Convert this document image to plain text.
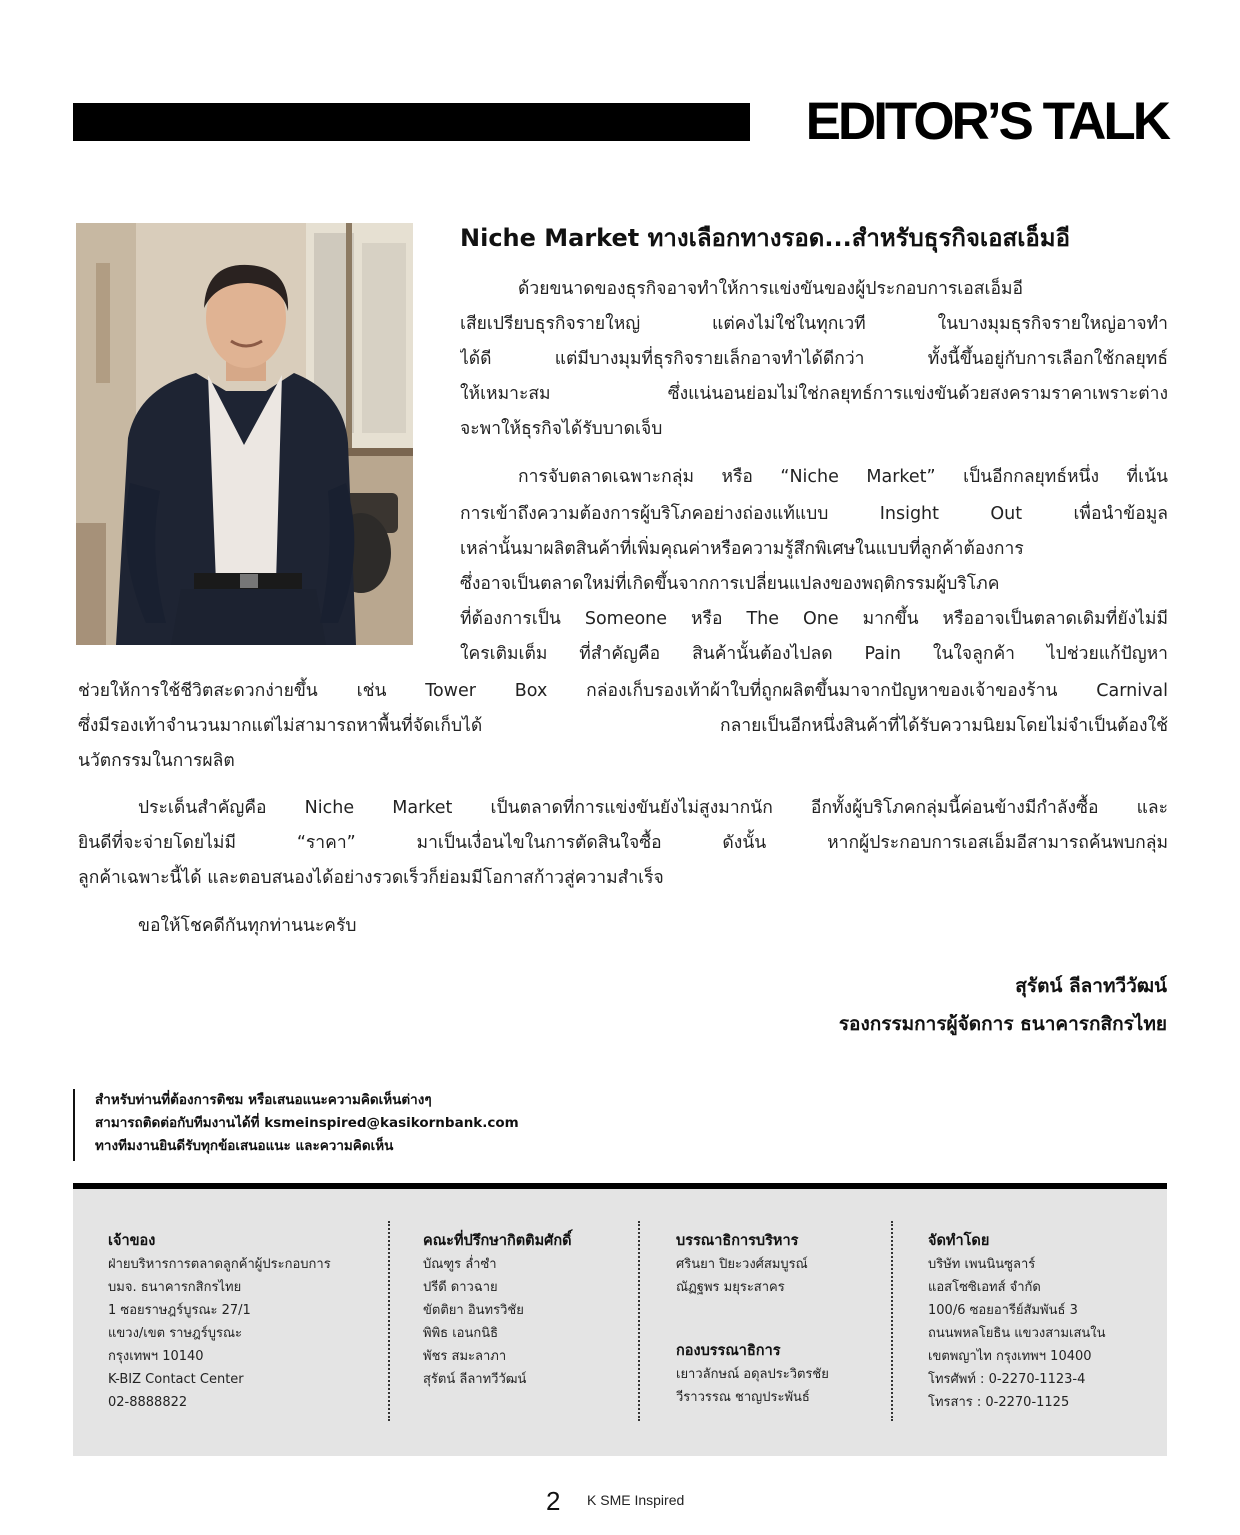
EDITOR’S TALK
Niche Market ทางเลือกทางรอด...สำหรับธุรกิจเอสเอ็มอี
ด้วยขนาดของธุรกิจอาจทำให้การแข่งขันของผู้ประกอบการเอสเอ็มอี
เสียเปรียบธุรกิจรายใหญ่ แต่คงไม่ใช่ในทุกเวที ในบางมุมธุรกิจรายใหญ่อาจทำ
ได้ดี แต่มีบางมุมที่ธุรกิจรายเล็กอาจทำได้ดีกว่า ทั้งนี้ขึ้นอยู่กับการเลือกใช้กลยุทธ์
ให้เหมาะสม ซึ่งแน่นอนย่อมไม่ใช่กลยุทธ์การแข่งขันด้วยสงครามราคาเพราะต่าง
จะพาให้ธุรกิจได้รับบาดเจ็บ
การจับตลาดเฉพาะกลุ่ม หรือ “Niche Market” เป็นอีกกลยุทธ์หนึ่ง ที่เน้น
การเข้าถึงความต้องการผู้บริโภคอย่างถ่องแท้แบบ Insight Out เพื่อนำข้อมูล
เหล่านั้นมาผลิตสินค้าที่เพิ่มคุณค่าหรือความรู้สึกพิเศษในแบบที่ลูกค้าต้องการ
ซึ่งอาจเป็นตลาดใหม่ที่เกิดขึ้นจากการเปลี่ยนแปลงของพฤติกรรมผู้บริโภค
ที่ต้องการเป็น Someone หรือ The One มากขึ้น หรืออาจเป็นตลาดเดิมที่ยังไม่มี
ใครเติมเต็ม ที่สำคัญคือ สินค้านั้นต้องไปลด Pain ในใจลูกค้า ไปช่วยแก้ปัญหา
ช่วยให้การใช้ชีวิตสะดวกง่ายขึ้น เช่น Tower Box กล่องเก็บรองเท้าผ้าใบที่ถูกผลิตขึ้นมาจากปัญหาของเจ้าของร้าน Carnival
ซึ่งมีรองเท้าจำนวนมากแต่ไม่สามารถหาพื้นที่จัดเก็บได้ กลายเป็นอีกหนึ่งสินค้าที่ได้รับความนิยมโดยไม่จำเป็นต้องใช้
นวัตกรรมในการผลิต
ประเด็นสำคัญคือ Niche Market เป็นตลาดที่การแข่งขันยังไม่สูงมากนัก อีกทั้งผู้บริโภคกลุ่มนี้ค่อนข้างมีกำลังซื้อ และ
ยินดีที่จะจ่ายโดยไม่มี “ราคา” มาเป็นเงื่อนไขในการตัดสินใจซื้อ ดังนั้น หากผู้ประกอบการเอสเอ็มอีสามารถค้นพบกลุ่ม
ลูกค้าเฉพาะนี้ได้ และตอบสนองได้อย่างรวดเร็วก็ย่อมมีโอกาสก้าวสู่ความสำเร็จ
ขอให้โชคดีกันทุกท่านนะครับ
สุรัตน์ ลีลาทวีวัฒน์
รองกรรมการผู้จัดการ ธนาคารกสิกรไทย
สำหรับท่านที่ต้องการติชม หรือเสนอแนะความคิดเห็นต่างๆ
สามารถติดต่อกับทีมงานได้ที่ ksmeinspired@kasikornbank.com
ทางทีมงานยินดีรับทุกข้อเสนอแนะ และความคิดเห็น
เจ้าของ
ฝ่ายบริหารการตลาดลูกค้าผู้ประกอบการ
บมจ. ธนาคารกสิกรไทย
1 ซอยราษฎร์บูรณะ 27/1
แขวง/เขต ราษฎร์บูรณะ
กรุงเทพฯ 10140
K-BIZ Contact Center
02-8888822
คณะที่ปรึกษากิตติมศักดิ์
บัณฑูร ล่ำซำ
ปรีดี ดาวฉาย
ขัตติยา อินทรวิชัย
พิพิธ เอนกนิธิ
พัชร สมะลาภา
สุรัตน์ ลีลาทวีวัฒน์
บรรณาธิการบริหาร
ศรินยา ปิยะวงศ์สมบูรณ์
ณัฏฐพร มยุระสาคร
กองบรรณาธิการ
เยาวลักษณ์ อดุลประวิตรชัย
วีราวรรณ ชาญประพันธ์
จัดทำโดย
บริษัท เพนนินซูลาร์
แอสโซซิเอทส์ จำกัด
100/6 ซอยอารีย์สัมพันธ์ 3
ถนนพหลโยธิน แขวงสามเสนใน
เขตพญาไท กรุงเทพฯ 10400
โทรศัพท์ : 0-2270-1123-4
โทรสาร : 0-2270-1125
2 K SME Inspired
